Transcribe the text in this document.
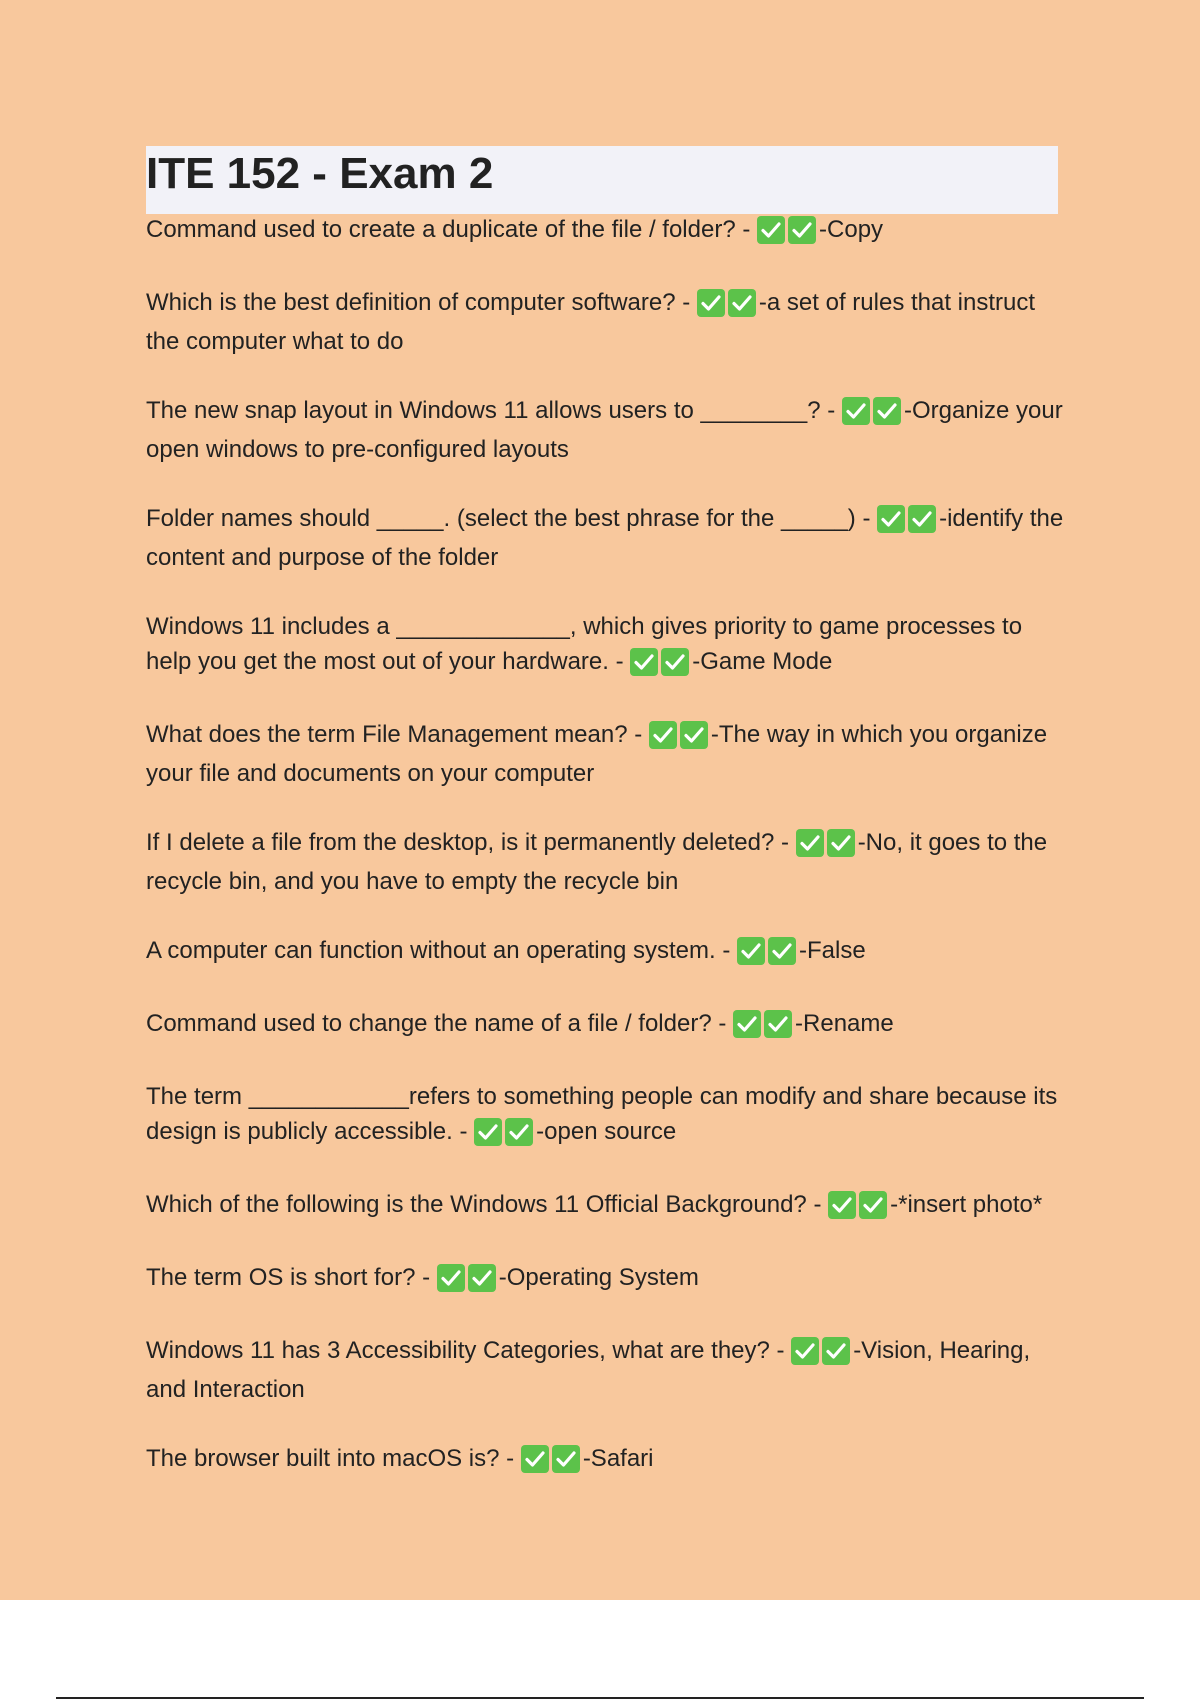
ITE 152 - Exam 2
Command used to create a duplicate of the file / folder? -	-Copy
Which is the best definition of computer software? -	-a set of rules that instruct the computer what to do
The new snap layout in Windows 11 allows users to ________? -	-Organize your open windows to pre-configured layouts
Folder names should _____. (select the best phrase for the _____) -	-identify the content and purpose of the folder
Windows 11 includes a _____________, which gives priority to game processes to help you get the most out of your hardware. -	-Game Mode
What does the term File Management mean? -	-The way in which you organize your file and documents on your computer
If I delete a file from the desktop, is it permanently deleted? -	-No, it goes to the recycle bin, and you have to empty the recycle bin
A computer can function without an operating system. -	-False
Command used to change the name of a file / folder? -	-Rename
The term ____________refers to something people can modify and share because its design is publicly accessible. -	-open source
Which of the following is the Windows 11 Official Background? -	-*insert photo*
The term OS is short for? -	-Operating System
Windows 11 has 3 Accessibility Categories, what are they? -	-Vision, Hearing, and Interaction
The browser built into macOS is? -	-Safari
